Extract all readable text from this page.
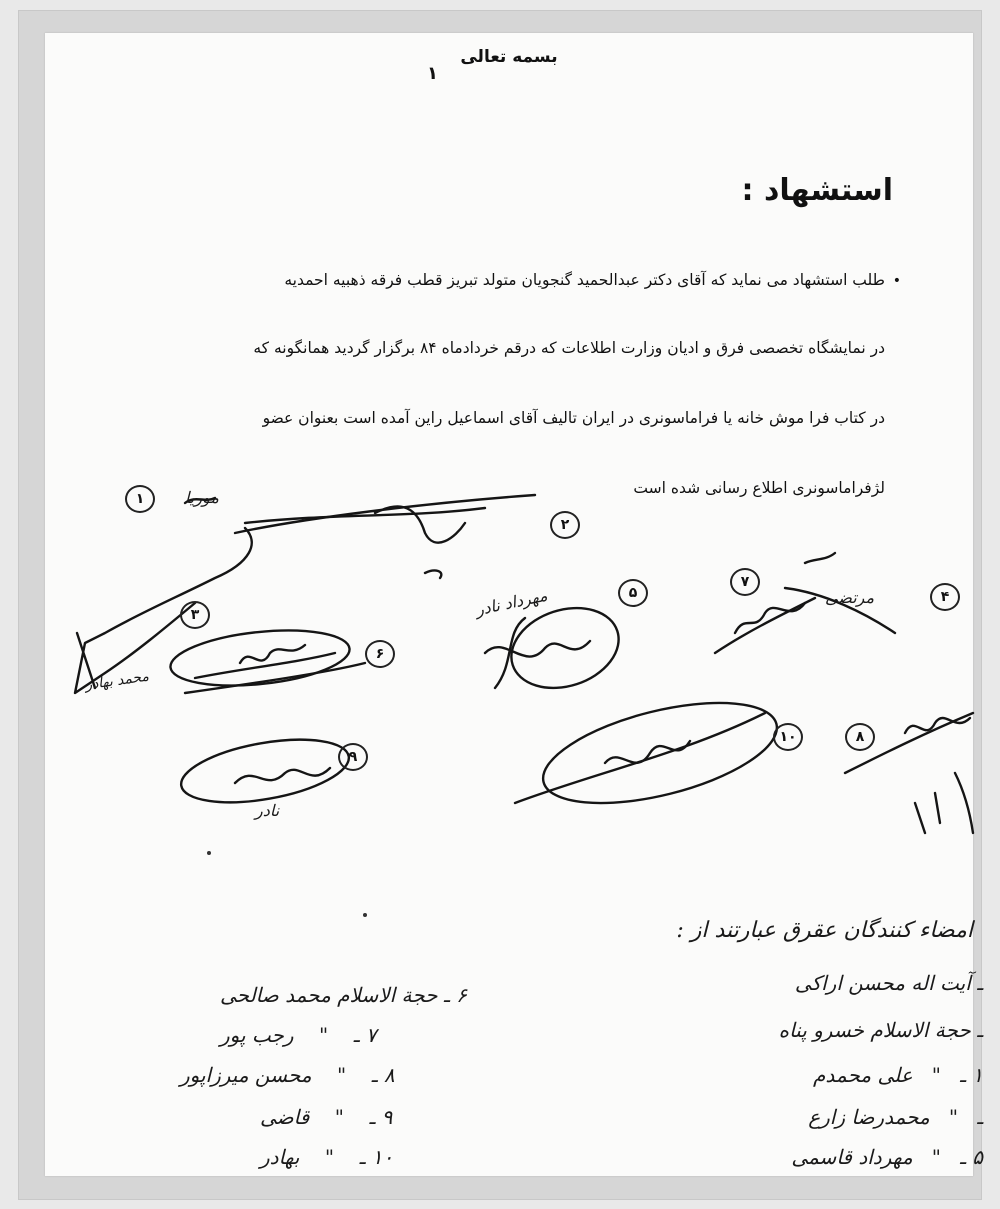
بسمه تعالی
۱
استشهاد :
•
طلب استشهاد می نماید که آقای دکتر عبدالحمید گنجویان متولد تبریز قطب فرقه ذهبیه احمدیه
در نمایشگاه تخصصی فرق و ادیان وزارت اطلاعات که درقم خردادماه ۸۴ برگزار گردید همانگونه که
در کتاب فرا موش خانه یا فراماسونری در ایران تالیف آقای اسماعیل راین آمده است بعنوان عضو
لژفراماسونری اطلاع رسانی شده است
۱
۲
۳
۴
۵
۶
۷
۸
۹
۱۰
موریا
محمد بهادر
مهرداد نادر	مرتضی
نادر
امضاء کنندگان عقرق عبارتند از :
۶ ـ حجة الاسلام محمد صالحی
۷ ـ    "    رجب پور
۸ ـ    "    محسن میرزاپور
۹ ـ    "    قاضی
۱۰ ـ    "    بهادر
ـ آیت اله محسن اراکی
ـ حجة الاسلام خسرو پناه
۱ ـ   "   علی محمدم
ـ   "   محمدرضا زارع
۵ ـ   "   مهرداد قاسمی
